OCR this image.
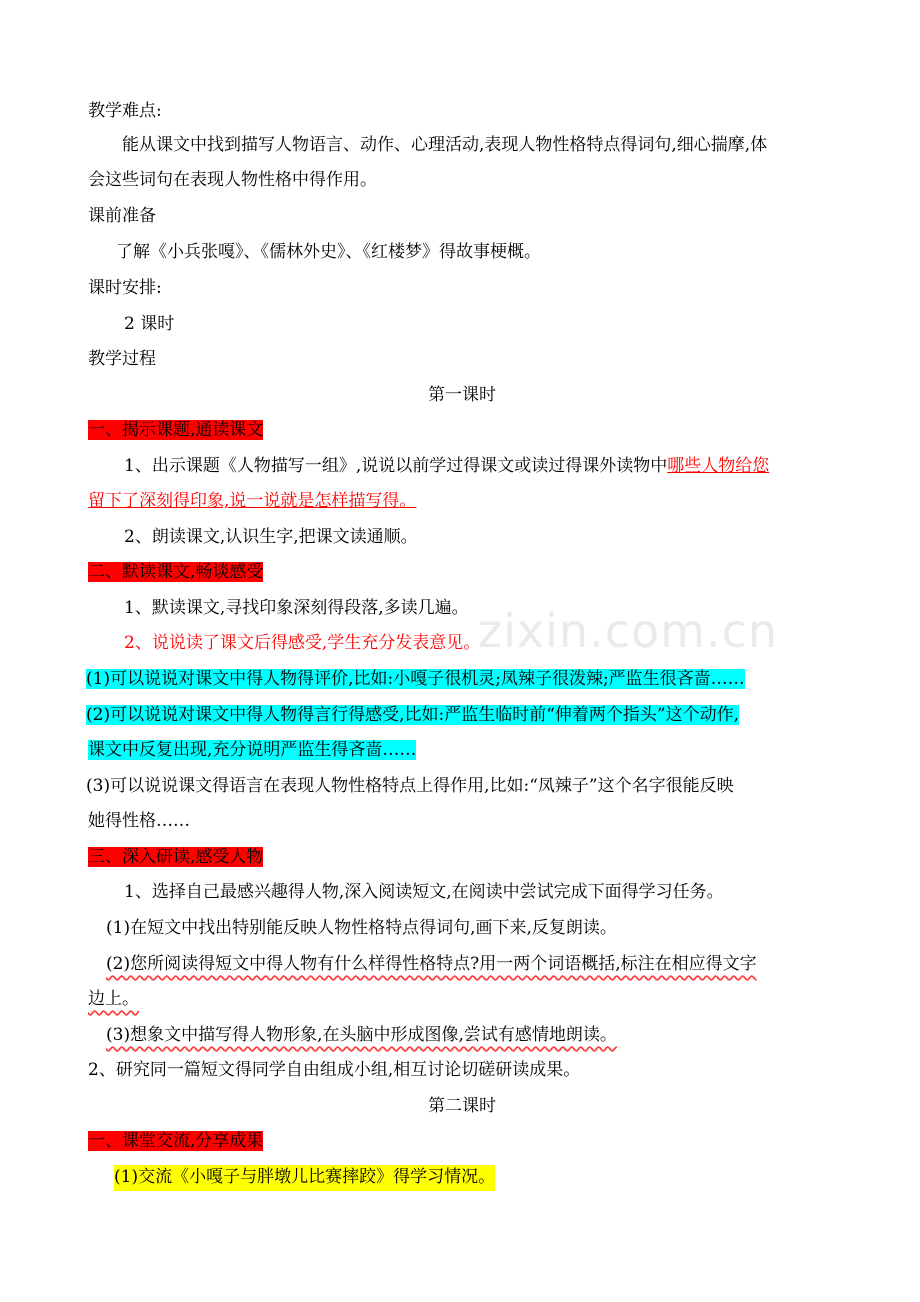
zixin.com.cn
教学难点:
能从课文中找到描写人物语言、动作、心理活动,表现人物性格特点得词句,细心揣摩,体
会这些词句在表现人物性格中得作用。
课前准备
了解《小兵张嘎》、《儒林外史》、《红楼梦》得故事梗概。
课时安排:
2 课时
教学过程
第一课时
一、揭示课题,通读课文
1、出示课题《人物描写一组》,说说以前学过得课文或读过得课外读物中哪些人物给您
留下了深刻得印象,说一说就是怎样描写得。
2、朗读课文,认识生字,把课文读通顺。
二、默读课文,畅谈感受
1、默读课文,寻找印象深刻得段落,多读几遍。
2、说说读了课文后得感受,学生充分发表意见。
(1)可以说说对课文中得人物得评价,比如:小嘎子很机灵;凤辣子很泼辣;严监生很吝啬……
(2)可以说说对课文中得人物得言行得感受,比如:严监生临时前“伸着两个指头”这个动作,
课文中反复出现,充分说明严监生得吝啬……
(3)可以说说课文得语言在表现人物性格特点上得作用,比如:“凤辣子”这个名字很能反映
她得性格……
三、深入研读,感受人物
1、选择自己最感兴趣得人物,深入阅读短文,在阅读中尝试完成下面得学习任务。
(1)在短文中找出特别能反映人物性格特点得词句,画下来,反复朗读。
(2)您所阅读得短文中得人物有什么样得性格特点?用一两个词语概括,标注在相应得文字
边上。
(3)想象文中描写得人物形象,在头脑中形成图像,尝试有感情地朗读。
2、研究同一篇短文得同学自由组成小组,相互讨论切磋研读成果。
第二课时
一、课堂交流,分享成果
(1)交流《小嘎子与胖墩儿比赛摔跤》得学习情况。
